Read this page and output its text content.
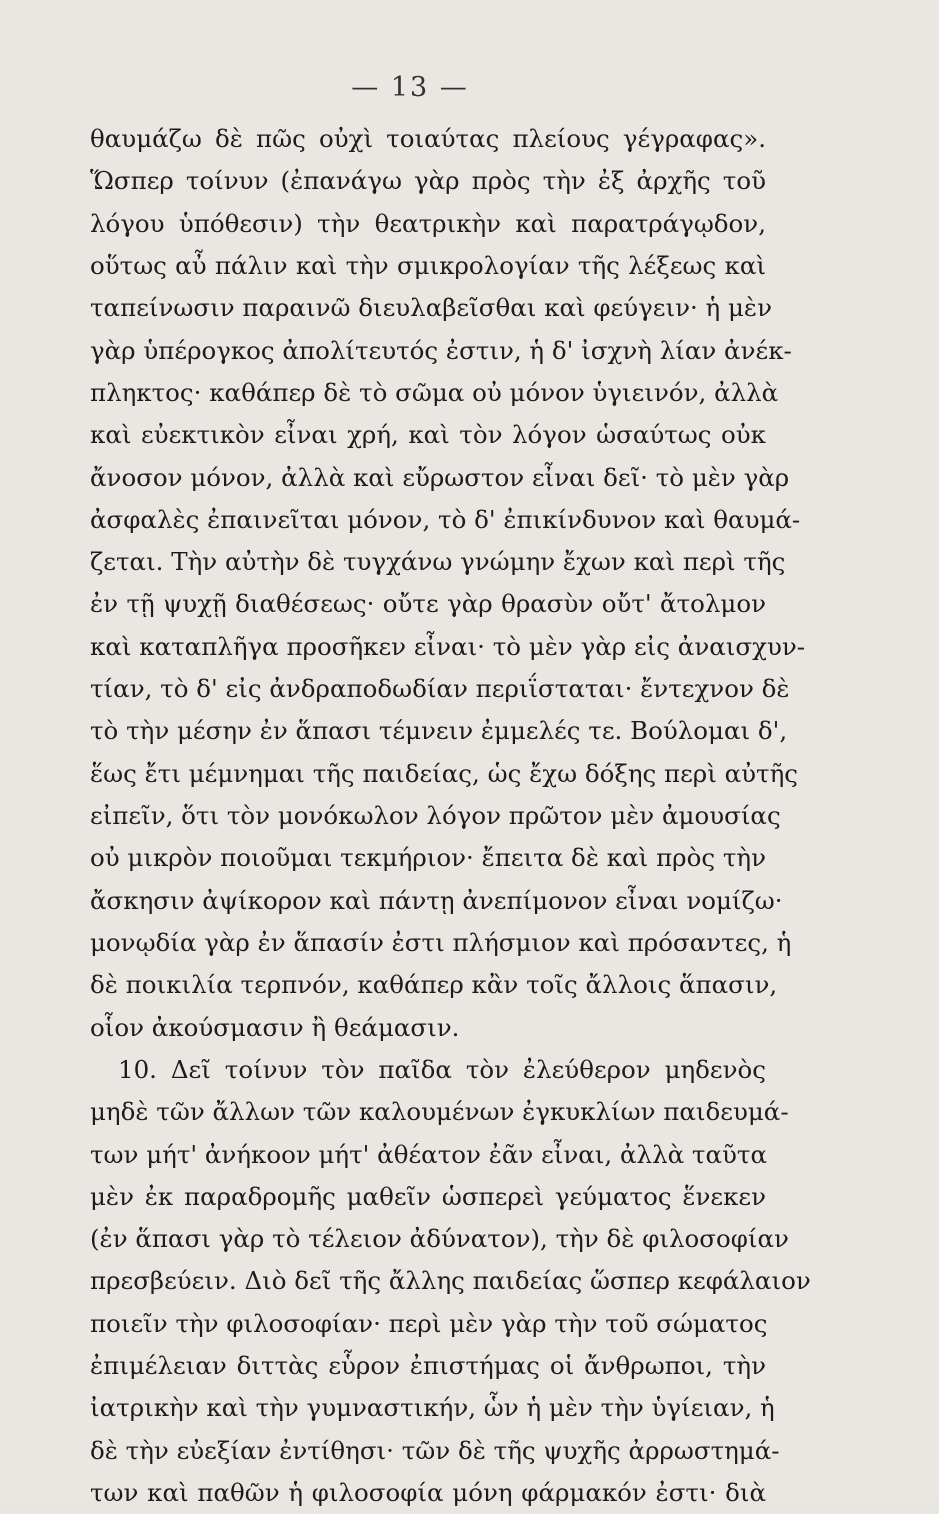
— 13 —
θαυμάζω δὲ πῶς οὐχὶ τοιαύτας πλείους γέγραφας».
Ὥσπερ τοίνυν (ἐπανάγω γὰρ πρὸς τὴν ἐξ ἀρχῆς τοῦ
λόγου ὑπόθεσιν) τὴν θεατρικὴν καὶ παρατράγῳδον,
οὕτως αὖ πάλιν καὶ τὴν σμικρολογίαν τῆς λέξεως καὶ
ταπείνωσιν παραινῶ διευλαβεῖσθαι καὶ φεύγειν· ἡ μὲν
γὰρ ὑπέρογκος ἀπολίτευτός ἐστιν, ἡ δ' ἰσχνὴ λίαν ἀνέκ-
πληκτος· καθάπερ δὲ τὸ σῶμα οὐ μόνον ὑγιεινόν, ἀλλὰ
καὶ εὐεκτικὸν εἶναι χρή, καὶ τὸν λόγον ὡσαύτως οὐκ
ἄνοσον μόνον, ἀλλὰ καὶ εὔρωστον εἶναι δεῖ· τὸ μὲν γὰρ
ἀσφαλὲς ἐπαινεῖται μόνον, τὸ δ' ἐπικίνδυνον καὶ θαυμά-
ζεται. Τὴν αὐτὴν δὲ τυγχάνω γνώμην ἔχων καὶ περὶ τῆς
ἐν τῇ ψυχῇ διαθέσεως· οὔτε γὰρ θρασὺν οὔτ' ἄτολμον
καὶ καταπλῆγα προσῆκεν εἶναι· τὸ μὲν γὰρ εἰς ἀναισχυν-
τίαν, τὸ δ' εἰς ἀνδραποδωδίαν περιΐσταται· ἔντεχνον δὲ
τὸ τὴν μέσην ἐν ἅπασι τέμνειν ἐμμελές τε. Βούλομαι δ',
ἕως ἔτι μέμνημαι τῆς παιδείας, ὡς ἔχω δόξης περὶ αὐτῆς
εἰπεῖν, ὅτι τὸν μονόκωλον λόγον πρῶτον μὲν ἀμουσίας
οὐ μικρὸν ποιοῦμαι τεκμήριον· ἔπειτα δὲ καὶ πρὸς τὴν
ἄσκησιν ἀψίκορον καὶ πάντῃ ἀνεπίμονον εἶναι νομίζω·
μονῳδία γὰρ ἐν ἅπασίν ἐστι πλήσμιον καὶ πρόσαντες, ἡ
δὲ ποικιλία τερπνόν, καθάπερ κἂν τοῖς ἄλλοις ἅπασιν,
οἷον ἀκούσμασιν ἢ θεάμασιν.
10. Δεῖ τοίνυν τὸν παῖδα τὸν ἐλεύθερον μηδενὸς
μηδὲ τῶν ἄλλων τῶν καλουμένων ἐγκυκλίων παιδευμά-
των μήτ' ἀνήκοον μήτ' ἀθέατον ἐᾶν εἶναι, ἀλλὰ ταῦτα
μὲν ἐκ παραδρομῆς μαθεῖν ὡσπερεὶ γεύματος ἕνεκεν
(ἐν ἅπασι γὰρ τὸ τέλειον ἀδύνατον), τὴν δὲ φιλοσοφίαν
πρεσβεύειν. Διὸ δεῖ τῆς ἄλλης παιδείας ὥσπερ κεφάλαιον
ποιεῖν τὴν φιλοσοφίαν· περὶ μὲν γὰρ τὴν τοῦ σώματος
ἐπιμέλειαν διττὰς εὗρον ἐπιστήμας οἱ ἄνθρωποι, τὴν
ἰατρικὴν καὶ τὴν γυμναστικήν, ὧν ἡ μὲν τὴν ὑγίειαν, ἡ
δὲ τὴν εὐεξίαν ἐντίθησι· τῶν δὲ τῆς ψυχῆς ἀρρωστημά-
των καὶ παθῶν ἡ φιλοσοφία μόνη φάρμακόν ἐστι· διὰ
